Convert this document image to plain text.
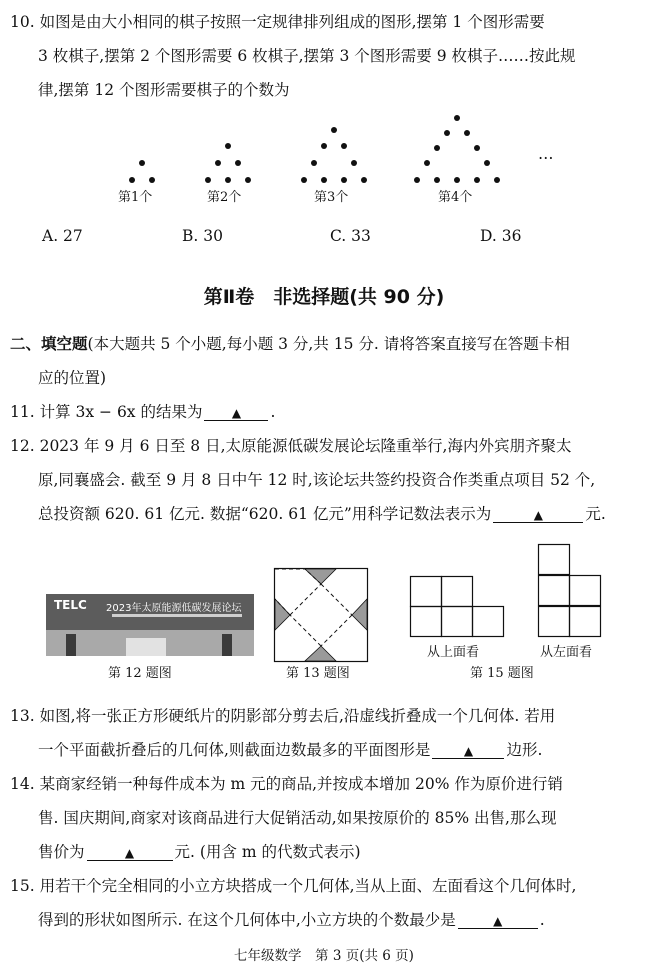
10. 如图是由大小相同的棋子按照一定规律排列组成的图形,摆第 1 个图形需要
3 枚棋子,摆第 2 个图形需要 6 枚棋子,摆第 3 个图形需要 9 枚棋子……按此规
律,摆第 12 个图形需要棋子的个数为
…
第1个	第2个	第3个	第4个
A. 27	B. 30	C. 33	D. 36
第Ⅱ卷　非选择题(共 90 分)
二、填空题(本大题共 5 个小题,每小题 3 分,共 15 分. 请将答案直接写在答题卡相
应的位置)
11. 计算 3x − 6x 的结果为 ▲ .
12. 2023 年 9 月 6 日至 8 日,太原能源低碳发展论坛隆重举行,海内外宾朋齐聚太
原,同襄盛会. 截至 9 月 8 日中午 12 时,该论坛共签约投资合作类重点项目 52 个,
总投资额 620. 61 亿元. 数据“620. 61 亿元”用科学记数法表示为	▲	元.
TELC 2023年太原能源低碳发展论坛
第 12 题图	第 13 题图
从上面看	从左面看
第 15 题图
13. 如图,将一张正方形硬纸片的阴影部分剪去后,沿虚线折叠成一个几何体. 若用
一个平面截折叠后的几何体,则截面边数最多的平面图形是	▲ 边形.
14. 某商家经销一种每件成本为 m 元的商品,并按成本增加 20% 作为原价进行销
售. 国庆期间,商家对该商品进行大促销活动,如果按原价的 85% 出售,那么现
售价为	▲	元. (用含 m 的代数式表示)
15. 用若干个完全相同的小立方块搭成一个几何体,当从上面、左面看这个几何体时,
得到的形状如图所示. 在这个几何体中,小立方块的个数最少是	▲ .
七年级数学　第 3 页(共 6 页)
